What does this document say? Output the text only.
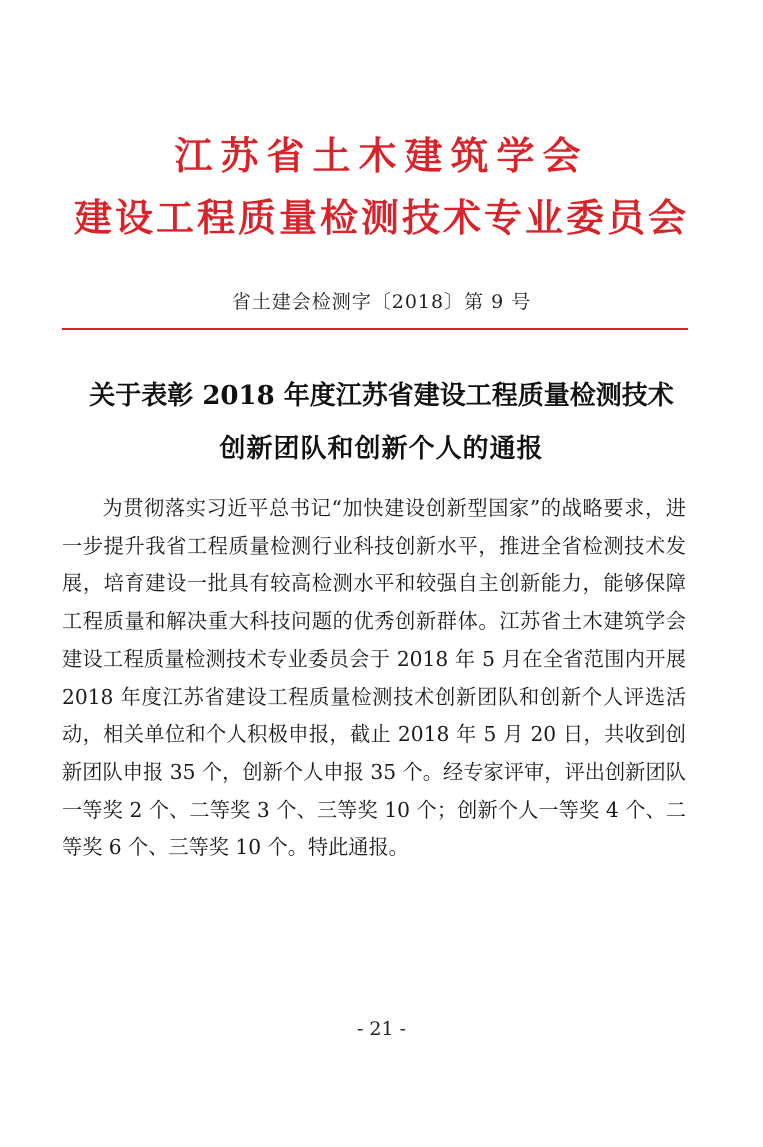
江苏省土木建筑学会
建设工程质量检测技术专业委员会
省土建会检测字〔2018〕第 9 号
关于表彰 2018 年度江苏省建设工程质量检测技术
创新团队和创新个人的通报

为贯彻落实习近平总书记“加快建设创新型国家”的战略要求，进一步提升我省工程质量检测行业科技创新水平，推进全省检测技术发展，培育建设一批具有较高检测水平和较强自主创新能力，能够保障工程质量和解决重大科技问题的优秀创新群体。江苏省土木建筑学会建设工程质量检测技术专业委员会于 2018 年 5 月在全省范围内开展 2018 年度江苏省建设工程质量检测技术创新团队和创新个人评选活动，相关单位和个人积极申报，截止 2018 年 5 月 20 日，共收到创新团队申报 35 个，创新个人申报 35 个。经专家评审，评出创新团队一等奖 2 个、二等奖 3 个、三等奖 10 个；创新个人一等奖 4 个、二等奖 6 个、三等奖 10 个。特此通报。

- 21 -
